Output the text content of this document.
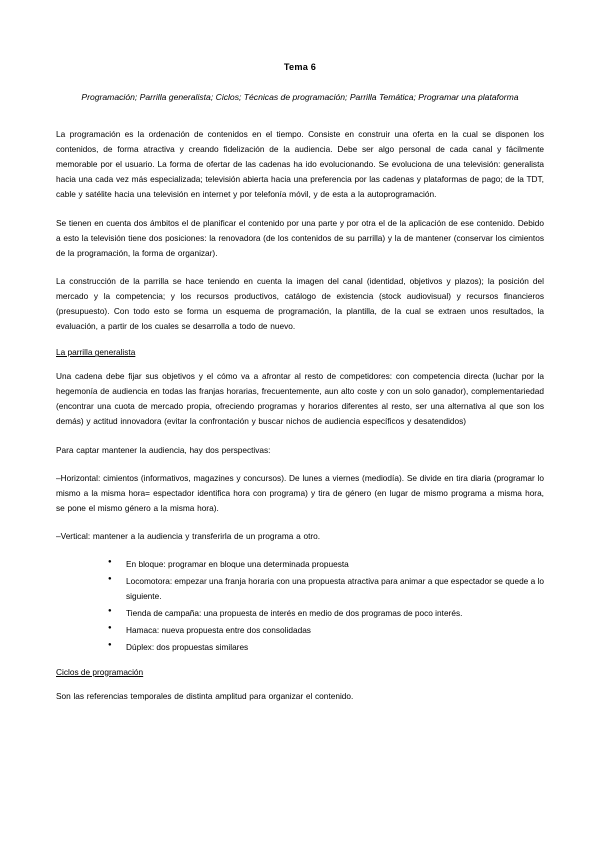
Tema 6
Programación; Parrilla generalista; Ciclos; Técnicas de programación; Parrilla Temática; Programar una plataforma

La programación es la ordenación de contenidos en el tiempo. Consiste en construir una oferta en la cual se disponen los contenidos, de forma atractiva y creando fidelización de la audiencia. Debe ser algo personal de cada canal y fácilmente memorable por el usuario. La forma de ofertar de las cadenas ha ido evolucionando. Se evoluciona de una televisión: generalista hacia una cada vez más especializada; televisión abierta hacia una preferencia por las cadenas y plataformas de pago; de la TDT, cable y satélite hacia una televisión en internet y por telefonía móvil, y de esta a la autoprogramación.

Se tienen en cuenta dos ámbitos el de planificar el contenido por una parte y por otra el de la aplicación de ese contenido. Debido a esto la televisión tiene dos posiciones: la renovadora (de los contenidos de su parrilla) y la de mantener (conservar los cimientos de la programación, la forma de organizar).

La construcción de la parrilla se hace teniendo en cuenta la imagen del canal (identidad, objetivos y plazos); la posición del mercado y la competencia; y los recursos productivos, catálogo de existencia (stock audiovisual) y recursos financieros (presupuesto). Con todo esto se forma un esquema de programación, la plantilla, de la cual se extraen unos resultados, la evaluación, a partir de los cuales se desarrolla a todo de nuevo.

La parrilla generalista

Una cadena debe fijar sus objetivos y el cómo va a afrontar al resto de competidores: con competencia directa (luchar por la hegemonía de audiencia en todas las franjas horarias, frecuentemente, aun alto coste y con un solo ganador), complementariedad (encontrar una cuota de mercado propia, ofreciendo programas y horarios diferentes al resto, ser una alternativa al que son los demás) y actitud innovadora (evitar la confrontación y buscar nichos de audiencia específicos y desatendidos)

Para captar mantener la audiencia, hay dos perspectivas:

–Horizontal: cimientos (informativos, magazines y concursos). De lunes a viernes (mediodía). Se divide en tira diaria (programar lo mismo a la misma hora= espectador identifica hora con programa) y tira de género (en lugar de mismo programa a misma hora, se pone el mismo género a la misma hora).

–Vertical: mantener a la audiencia y transferirla de un programa a otro.

● En bloque: programar en bloque una determinada propuesta
● Locomotora: empezar una franja horaria con una propuesta atractiva para animar a que espectador se quede a lo siguiente.
● Tienda de campaña: una propuesta de interés en medio de dos programas de poco interés.
● Hamaca: nueva propuesta entre dos consolidadas
● Dúplex: dos propuestas similares
Ciclos de programación

Son las referencias temporales de distinta amplitud para organizar el contenido.
